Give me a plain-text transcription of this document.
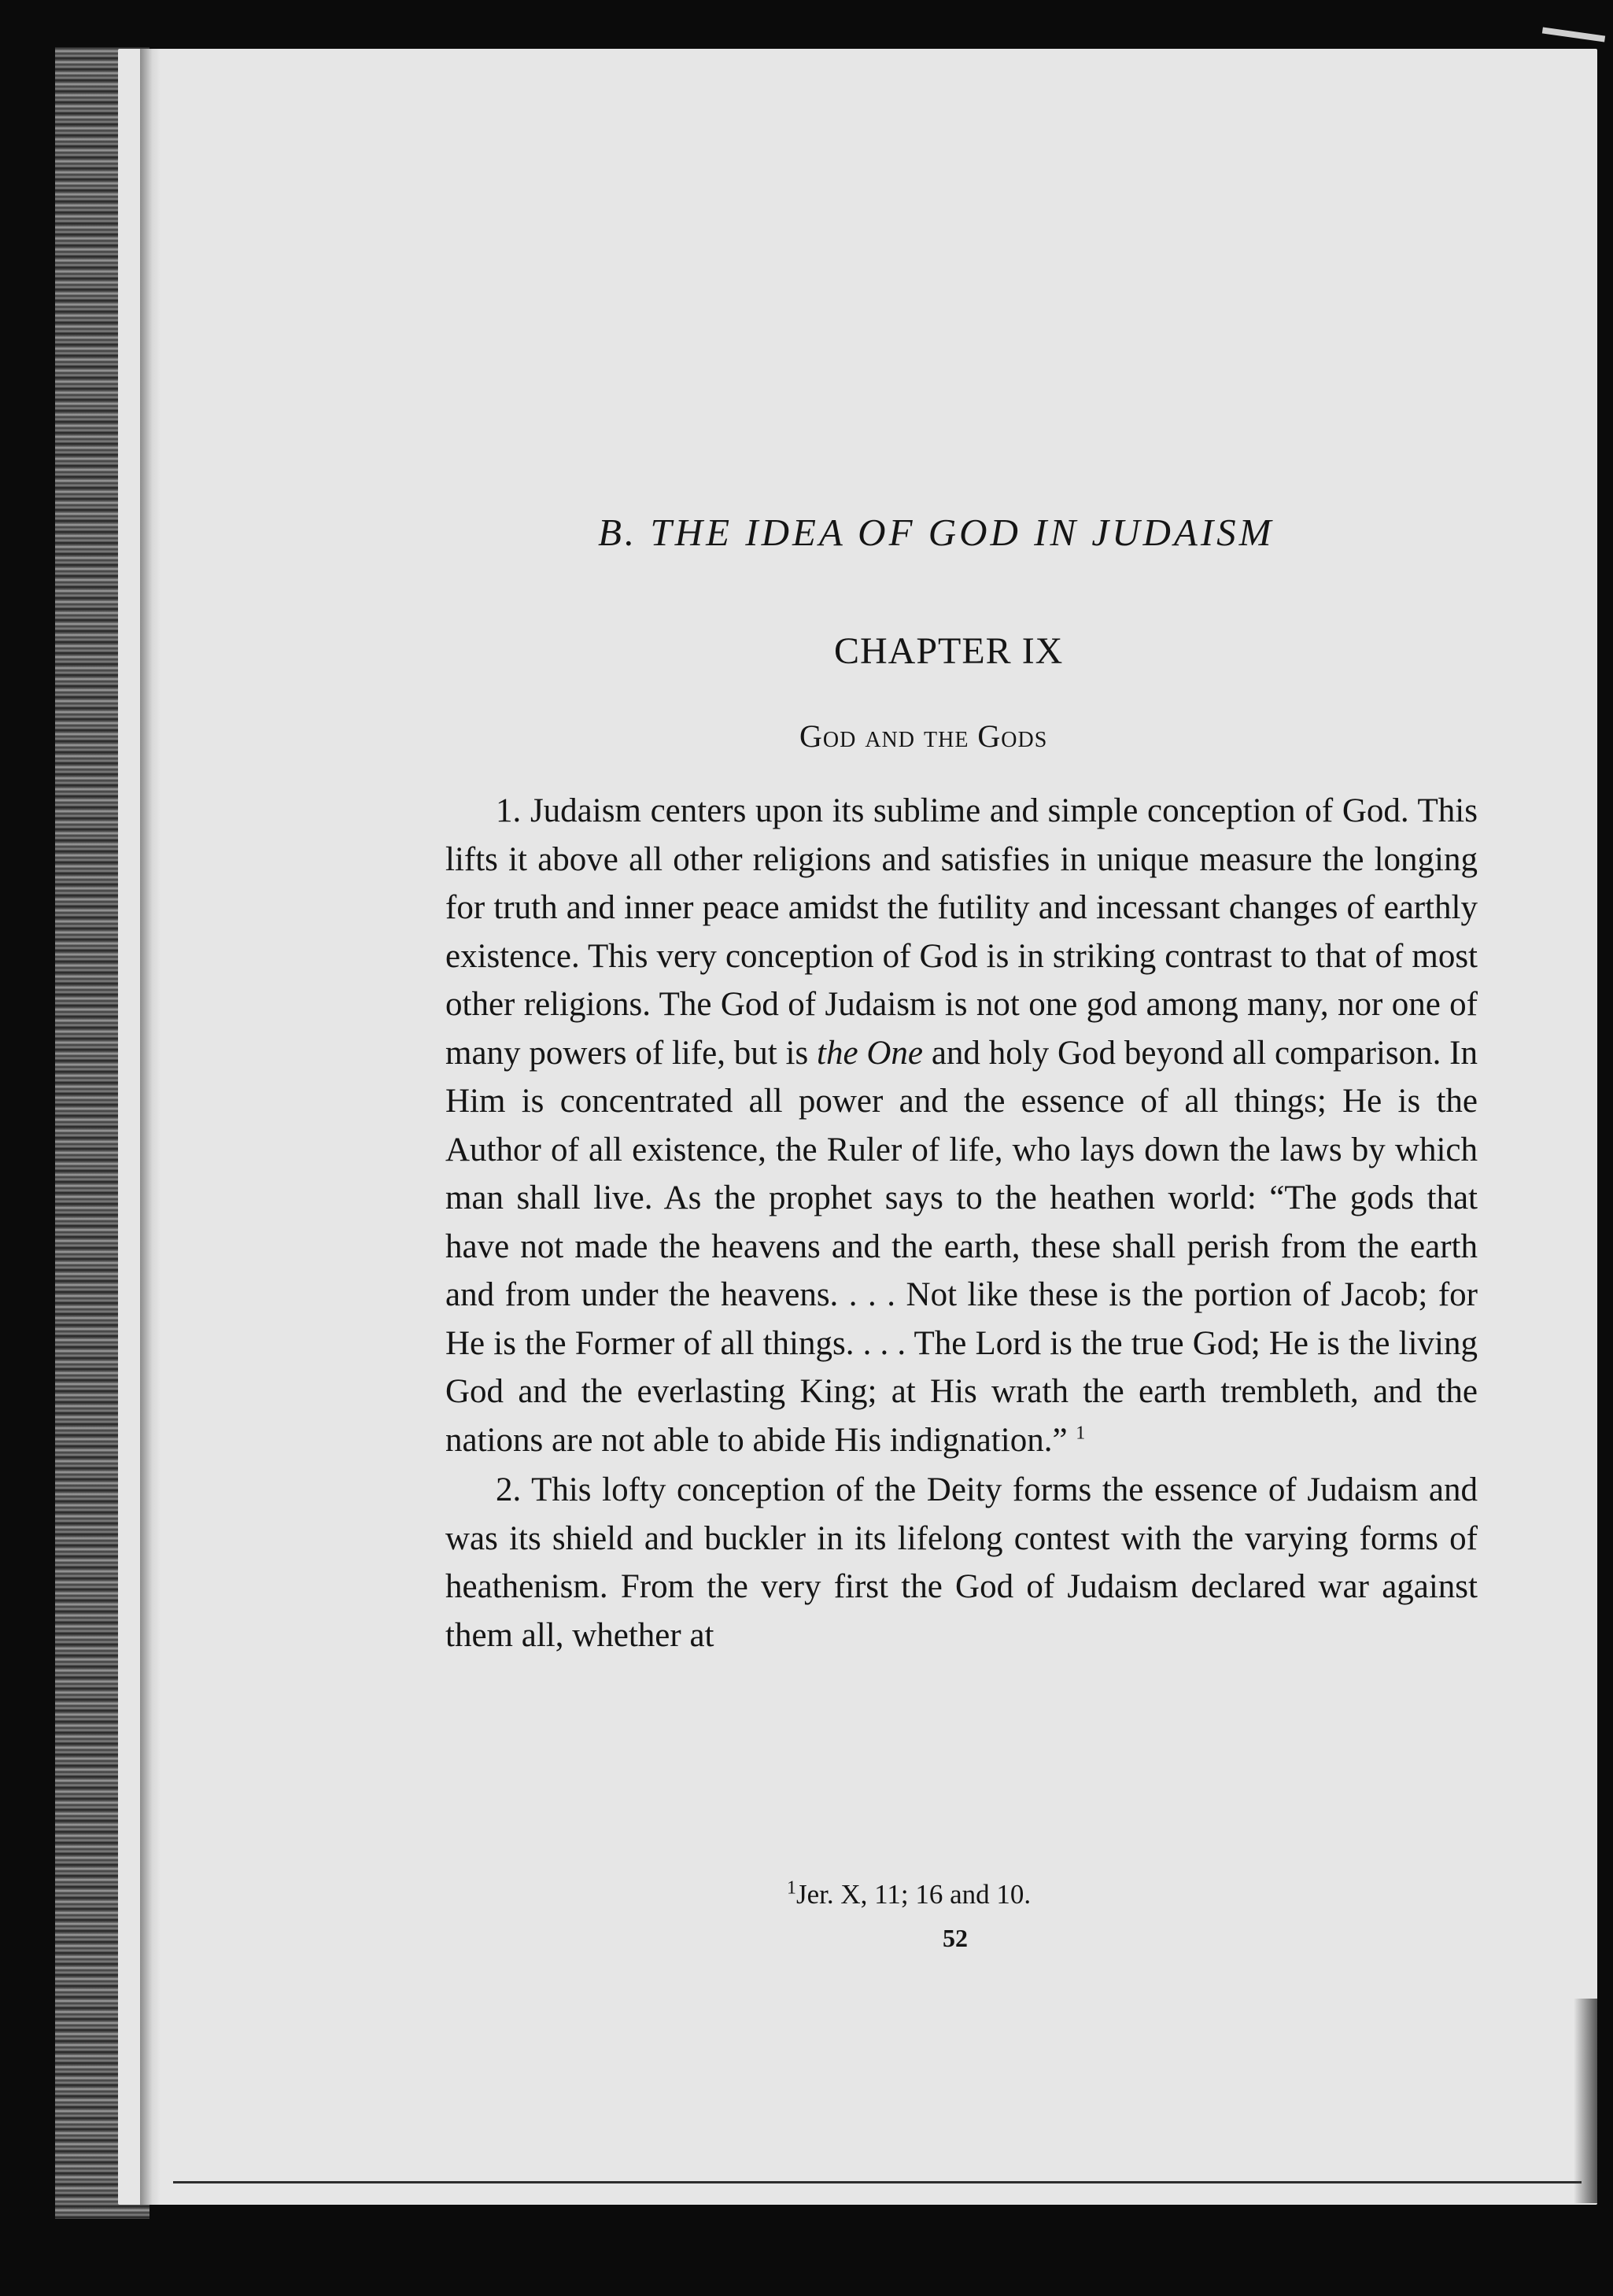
B. THE IDEA OF GOD IN JUDAISM
CHAPTER IX
God and the Gods

1. Judaism centers upon its sublime and simple conception of God. This lifts it above all other religions and satisfies in unique measure the longing for truth and inner peace amidst the futility and incessant changes of earthly existence. This very conception of God is in striking contrast to that of most other religions. The God of Judaism is not one god among many, nor one of many powers of life, but is the One and holy God beyond all comparison. In Him is concentrated all power and the essence of all things; He is the Author of all existence, the Ruler of life, who lays down the laws by which man shall live. As the prophet says to the heathen world: “The gods that have not made the heavens and the earth, these shall perish from the earth and from under the heavens. . . . Not like these is the portion of Jacob; for He is the Former of all things. . . . The Lord is the true God; He is the living God and the everlasting King; at His wrath the earth trembleth, and the nations are not able to abide His indignation.” $^1$

2. This lofty conception of the Deity forms the essence of Judaism and was its shield and buckler in its lifelong contest with the varying forms of heathenism. From the very first the God of Judaism declared war against them all, whether at

$^1$Jer. X, 11; 16 and 10.
52
